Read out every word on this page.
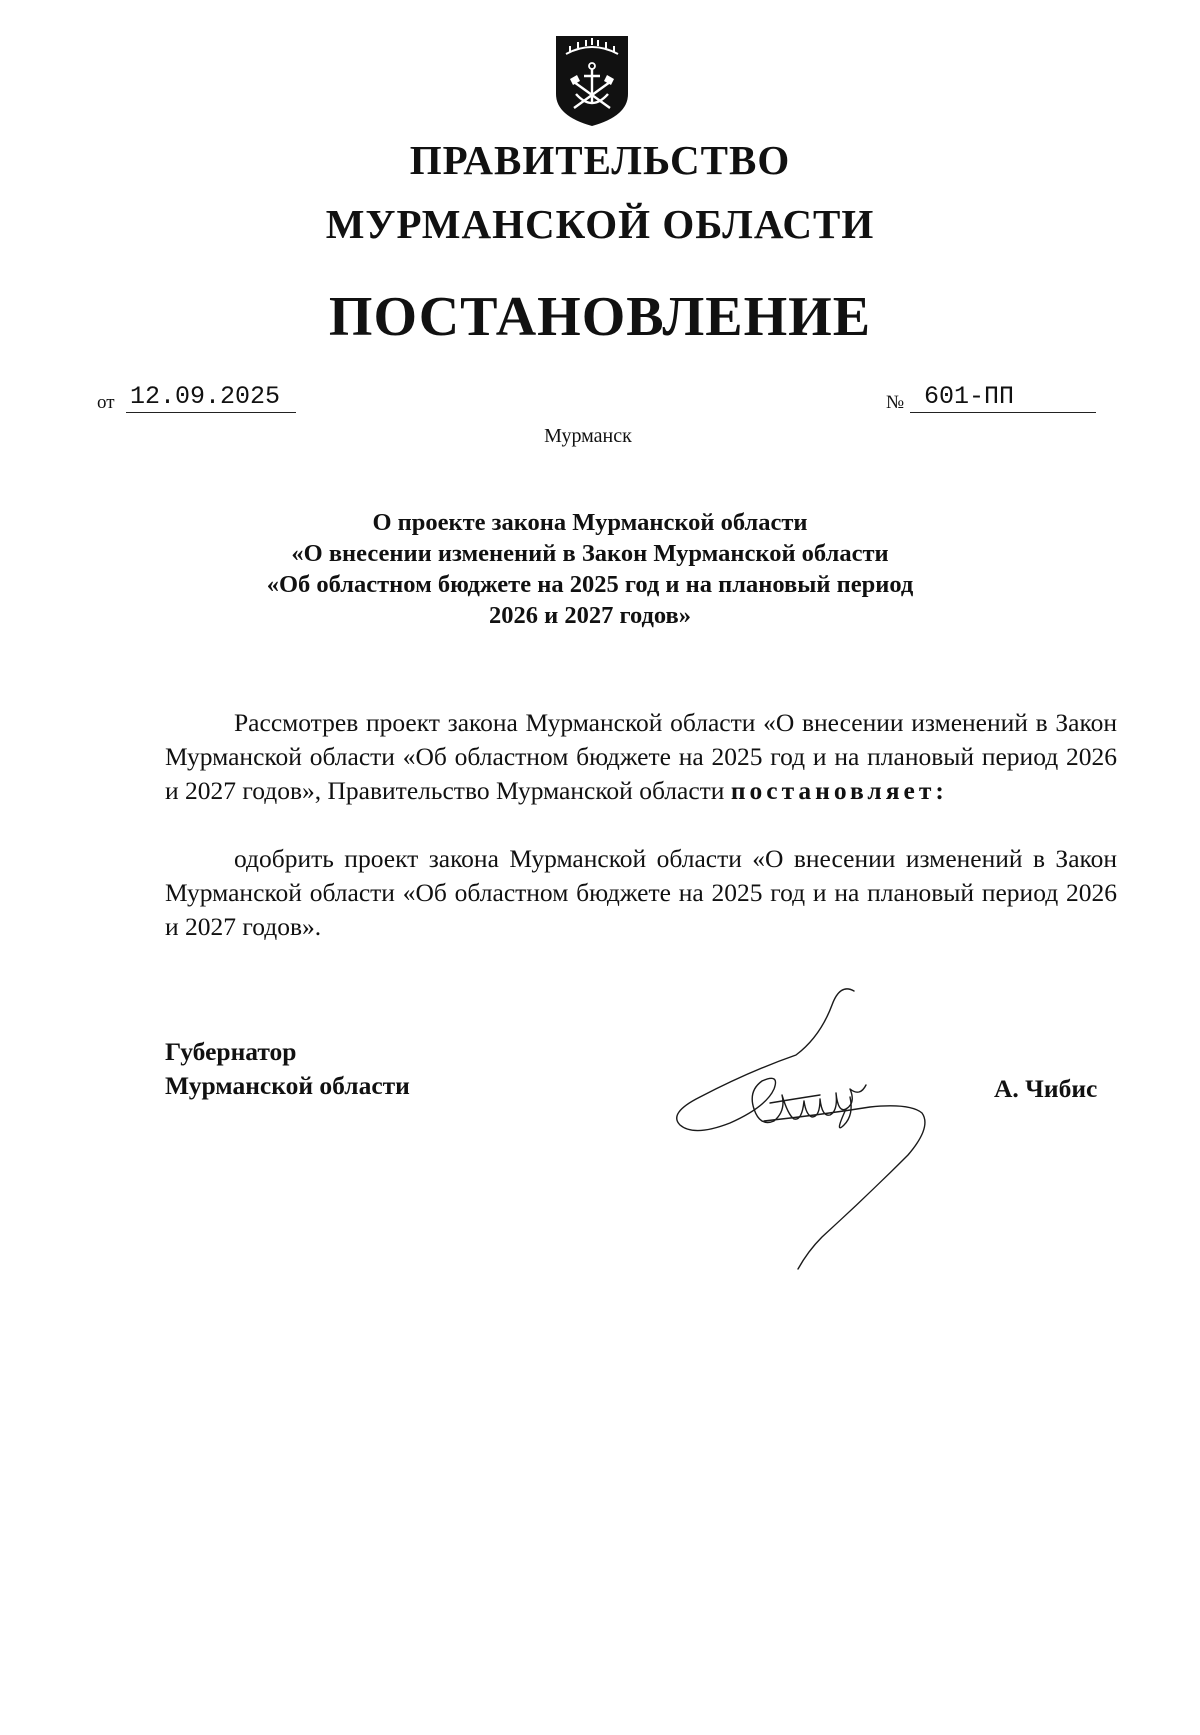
ПРАВИТЕЛЬСТВО
МУРМАНСКОЙ ОБЛАСТИ
ПОСТАНОВЛЕНИЕ
от 12.09.2025	№ 601-ПП
Мурманск
О проекте закона Мурманской области
«О внесении изменений в Закон Мурманской области
«Об областном бюджете на 2025 год и на плановый период
2026 и 2027 годов»
Рассмотрев проект закона Мурманской области «О внесении изменений в Закон Мурманской области «Об областном бюджете на 2025 год и на плановый период 2026 и 2027 годов», Правительство Мурманской области постановляет:
одобрить проект закона Мурманской области «О внесении изменений в Закон Мурманской области «Об областном бюджете на 2025 год и на плановый период 2026 и 2027 годов».
Губернатор
Мурманской области	А. Чибис
